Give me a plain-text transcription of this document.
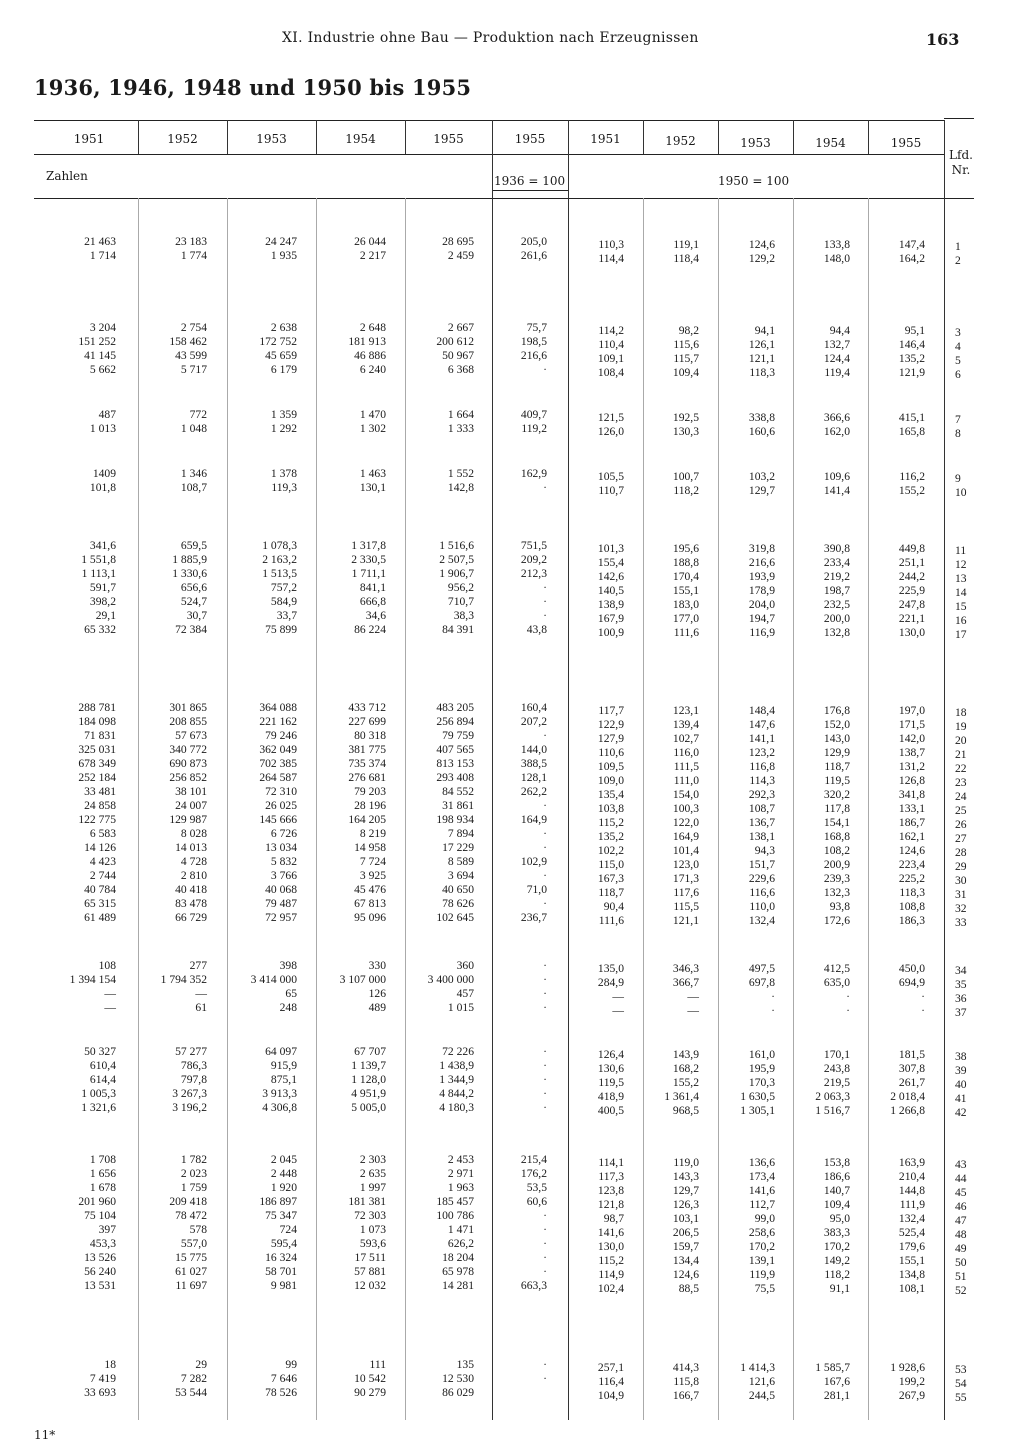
XI. Industrie ohne Bau — Produktion nach Erzeugnissen	163
1936, 1946, 1948 und 1950 bis 1955
1951	1952	1953	1954	1955	1955	1951	1952	1953	1954	1955
Lfd. Nr.
Zahlen	1936 = 100	1950 = 100
21 463	23 183	24 247	26 044	28 695	205,0	110,3	119,1	124,6	133,8	147,4	1
1 714	1 774	1 935	2 217	2 459	261,6	114,4	118,4	129,2	148,0	164,2	2
3 204	2 754	2 638	2 648	2 667	75,7	114,2	98,2	94,1	94,4	95,1	3
151 252	158 462	172 752	181 913	200 612	198,5	110,4	115,6	126,1	132,7	146,4	4
41 145	43 599	45 659	46 886	50 967	216,6	109,1	115,7	121,1	124,4	135,2	5
5 662	5 717	6 179	6 240	6 368	·	108,4	109,4	118,3	119,4	121,9	6
487	772	1 359	1 470	1 664	409,7	121,5	192,5	338,8	366,6	415,1	7
1 013	1 048	1 292	1 302	1 333	119,2	126,0	130,3	160,6	162,0	165,8	8
1409	1 346	1 378	1 463	1 552	162,9	105,5	100,7	103,2	109,6	116,2	9
101,8	108,7	119,3	130,1	142,8	·	110,7	118,2	129,7	141,4	155,2	10
341,6	659,5	1 078,3	1 317,8	1 516,6	751,5	101,3	195,6	319,8	390,8	449,8	11
1 551,8	1 885,9	2 163,2	2 330,5	2 507,5	209,2	155,4	188,8	216,6	233,4	251,1	12
1 113,1	1 330,6	1 513,5	1 711,1	1 906,7	212,3	142,6	170,4	193,9	219,2	244,2	13
591,7	656,6	757,2	841,1	956,2	·	140,5	155,1	178,9	198,7	225,9	14
398,2	524,7	584,9	666,8	710,7	·	138,9	183,0	204,0	232,5	247,8	15
29,1	30,7	33,7	34,6	38,3	·	167,9	177,0	194,7	200,0	221,1	16
65 332	72 384	75 899	86 224	84 391	43,8	100,9	111,6	116,9	132,8	130,0	17
288 781	301 865	364 088	433 712	483 205	160,4	117,7	123,1	148,4	176,8	197,0	18
184 098	208 855	221 162	227 699	256 894	207,2	122,9	139,4	147,6	152,0	171,5	19
71 831	57 673	79 246	80 318	79 759	·	127,9	102,7	141,1	143,0	142,0	20
325 031	340 772	362 049	381 775	407 565	144,0	110,6	116,0	123,2	129,9	138,7	21
678 349	690 873	702 385	735 374	813 153	388,5	109,5	111,5	116,8	118,7	131,2	22
252 184	256 852	264 587	276 681	293 408	128,1	109,0	111,0	114,3	119,5	126,8	23
33 481	38 101	72 310	79 203	84 552	262,2	135,4	154,0	292,3	320,2	341,8	24
24 858	24 007	26 025	28 196	31 861	·	103,8	100,3	108,7	117,8	133,1	25
122 775	129 987	145 666	164 205	198 934	164,9	115,2	122,0	136,7	154,1	186,7	26
6 583	8 028	6 726	8 219	7 894	·	135,2	164,9	138,1	168,8	162,1	27
14 126	14 013	13 034	14 958	17 229	·	102,2	101,4	94,3	108,2	124,6	28
4 423	4 728	5 832	7 724	8 589	102,9	115,0	123,0	151,7	200,9	223,4	29
2 744	2 810	3 766	3 925	3 694	·	167,3	171,3	229,6	239,3	225,2	30
40 784	40 418	40 068	45 476	40 650	71,0	118,7	117,6	116,6	132,3	118,3	31
65 315	83 478	79 487	67 813	78 626	·	90,4	115,5	110,0	93,8	108,8	32
61 489	66 729	72 957	95 096	102 645	236,7	111,6	121,1	132,4	172,6	186,3	33
108	277	398	330	360	·	135,0	346,3	497,5	412,5	450,0	34
1 394 154	1 794 352	3 414 000	3 107 000	3 400 000	·	284,9	366,7	697,8	635,0	694,9	35
—	—	65	126	457	·	—	—	·	·	·	36
—	61	248	489	1 015	·	—	—	·	·	·	37
50 327	57 277	64 097	67 707	72 226	·	126,4	143,9	161,0	170,1	181,5	38
610,4	786,3	915,9	1 139,7	1 438,9	·	130,6	168,2	195,9	243,8	307,8	39
614,4	797,8	875,1	1 128,0	1 344,9	·	119,5	155,2	170,3	219,5	261,7	40
1 005,3	3 267,3	3 913,3	4 951,9	4 844,2	·	418,9	1 361,4	1 630,5	2 063,3	2 018,4	41
1 321,6	3 196,2	4 306,8	5 005,0	4 180,3	·	400,5	968,5	1 305,1	1 516,7	1 266,8	42
1 708	1 782	2 045	2 303	2 453	215,4	114,1	119,0	136,6	153,8	163,9	43
1 656	2 023	2 448	2 635	2 971	176,2	117,3	143,3	173,4	186,6	210,4	44
1 678	1 759	1 920	1 997	1 963	53,5	123,8	129,7	141,6	140,7	144,8	45
201 960	209 418	186 897	181 381	185 457	60,6	121,8	126,3	112,7	109,4	111,9	46
75 104	78 472	75 347	72 303	100 786	·	98,7	103,1	99,0	95,0	132,4	47
397	578	724	1 073	1 471	·	141,6	206,5	258,6	383,3	525,4	48
453,3	557,0	595,4	593,6	626,2	·	130,0	159,7	170,2	170,2	179,6	49
13 526	15 775	16 324	17 511	18 204	·	115,2	134,4	139,1	149,2	155,1	50
56 240	61 027	58 701	57 881	65 978	·	114,9	124,6	119,9	118,2	134,8	51
13 531	11 697	9 981	12 032	14 281	663,3	102,4	88,5	75,5	91,1	108,1	52
18	29	99	111	135	·	257,1	414,3	1 414,3	1 585,7	1 928,6	53
7 419	7 282	7 646	10 542	12 530	·	116,4	115,8	121,6	167,6	199,2	54
33 693	53 544	78 526	90 279	86 029	104,9	166,7	244,5	281,1	267,9	55
11*
